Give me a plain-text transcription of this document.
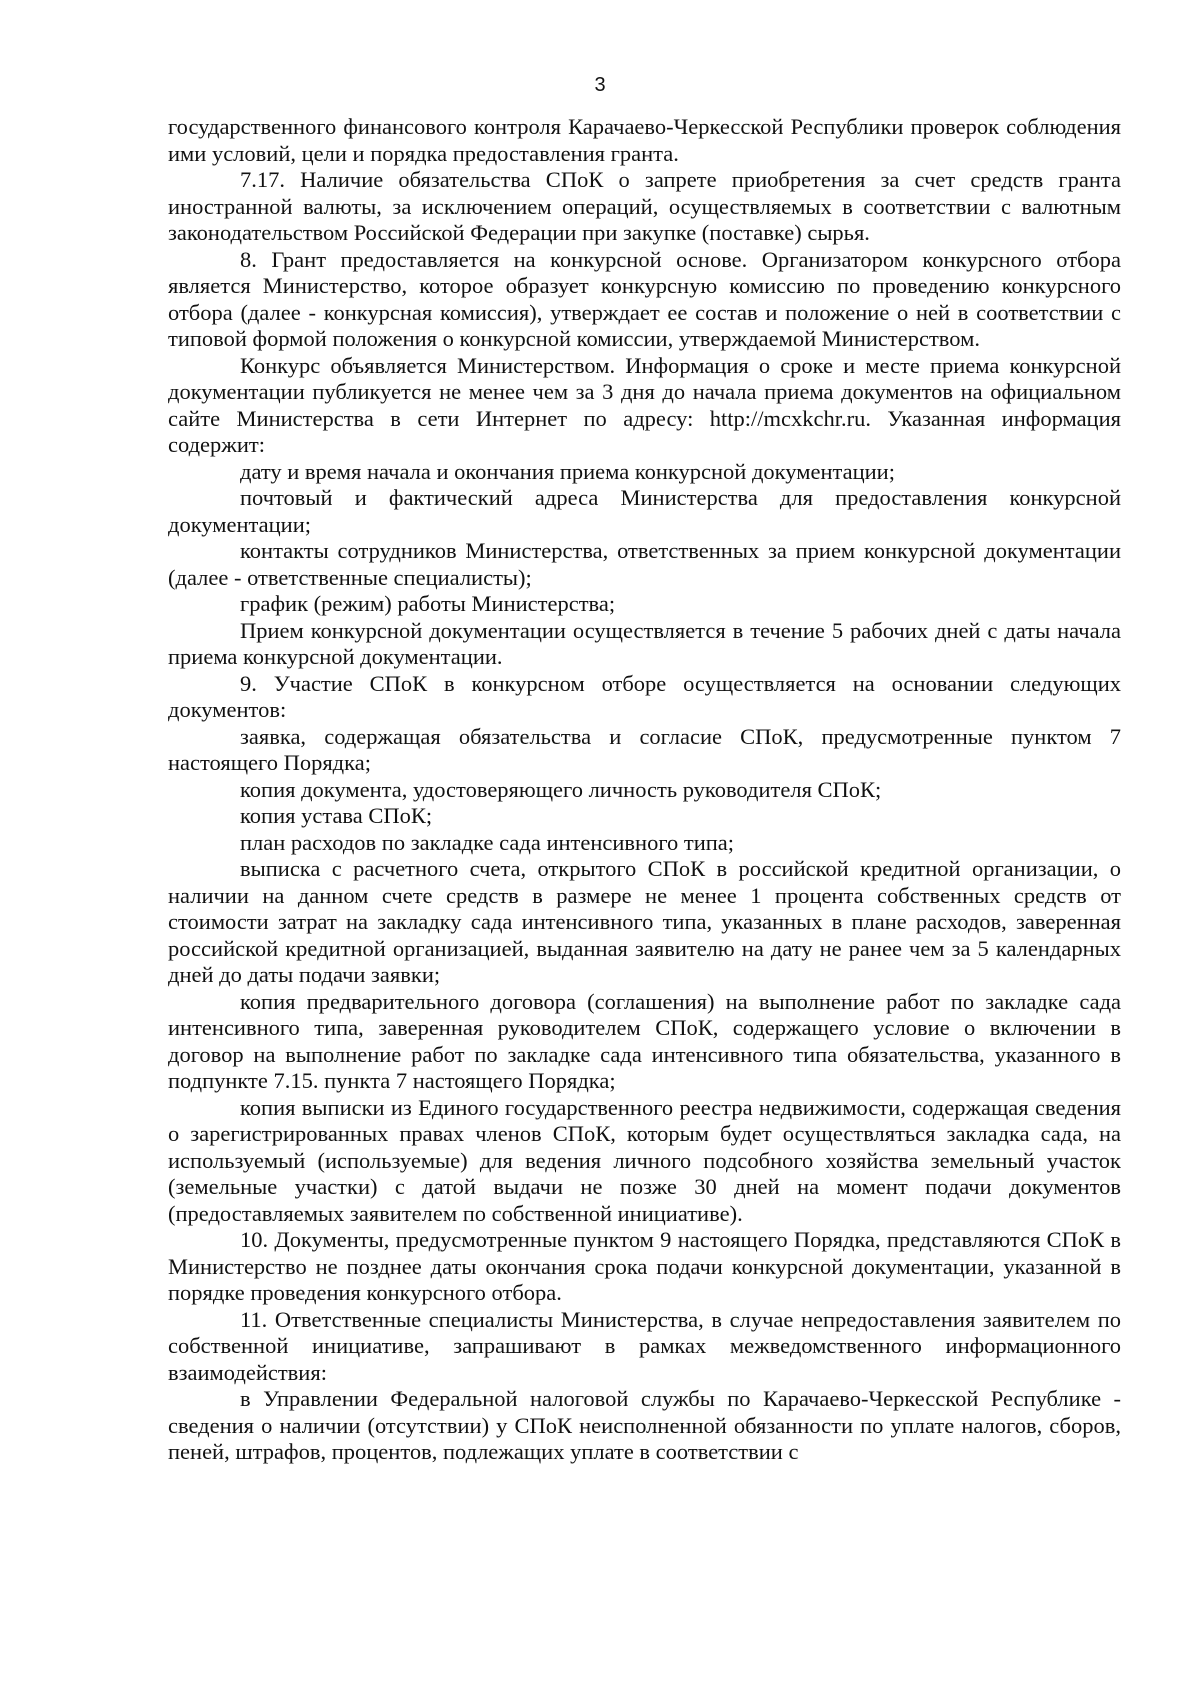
3

государственного финансового контроля Карачаево-Черкесской Республики проверок соблюдения ими условий, цели и порядка предоставления гранта.

7.17. Наличие обязательства СПоК о запрете приобретения за счет средств гранта иностранной валюты, за исключением операций, осуществляемых в соответствии с валютным законодательством Российской Федерации при закупке (поставке) сырья.

8. Грант предоставляется на конкурсной основе. Организатором конкурсного отбора является Министерство, которое образует конкурсную комиссию по проведению конкурсного отбора (далее - конкурсная комиссия), утверждает ее состав и положение о ней в соответствии с типовой формой положения о конкурсной комиссии, утверждаемой Министерством.

Конкурс объявляется Министерством. Информация о сроке и месте приема конкурсной документации публикуется не менее чем за 3 дня до начала приема документов на официальном сайте Министерства в сети Интернет по адресу: http://mcxkchr.ru. Указанная информация содержит:

дату и время начала и окончания приема конкурсной документации;

почтовый и фактический адреса Министерства для предоставления конкурсной документации;

контакты сотрудников Министерства, ответственных за прием конкурсной документации (далее - ответственные специалисты);

график (режим) работы Министерства;

Прием конкурсной документации осуществляется в течение 5 рабочих дней с даты начала приема конкурсной документации.

9. Участие СПоК в конкурсном отборе осуществляется на основании следующих документов:

заявка, содержащая обязательства и согласие СПоК, предусмотренные пунктом 7 настоящего Порядка;

копия документа, удостоверяющего личность руководителя СПоК;

копия устава СПоК;

план расходов по закладке сада интенсивного типа;

выписка с расчетного счета, открытого СПоК в российской кредитной организации, о наличии на данном счете средств в размере не менее 1 процента собственных средств от стоимости затрат на закладку сада интенсивного типа, указанных в плане расходов, заверенная российской кредитной организацией, выданная заявителю на дату не ранее чем за 5 календарных дней до даты подачи заявки;

копия предварительного договора (соглашения) на выполнение работ по закладке сада интенсивного типа, заверенная руководителем СПоК, содержащего условие о включении в договор на выполнение работ по закладке сада интенсивного типа обязательства, указанного в подпункте 7.15. пункта 7 настоящего Порядка;

копия выписки из Единого государственного реестра недвижимости, содержащая сведения о зарегистрированных правах членов СПоК, которым будет осуществляться закладка сада, на используемый (используемые) для ведения личного подсобного хозяйства земельный участок (земельные участки) с датой выдачи не позже 30 дней на момент подачи документов (предоставляемых заявителем по собственной инициативе).

10. Документы, предусмотренные пунктом 9 настоящего Порядка, представляются СПоК в Министерство не позднее даты окончания срока подачи конкурсной документации, указанной в порядке проведения конкурсного отбора.

11. Ответственные специалисты Министерства, в случае непредоставления заявителем по собственной инициативе, запрашивают в рамках межведомственного информационного взаимодействия:

в Управлении Федеральной налоговой службы по Карачаево-Черкесской Республике - сведения о наличии (отсутствии) у СПоК неисполненной обязанности по уплате налогов, сборов, пеней, штрафов, процентов, подлежащих уплате в соответствии с
